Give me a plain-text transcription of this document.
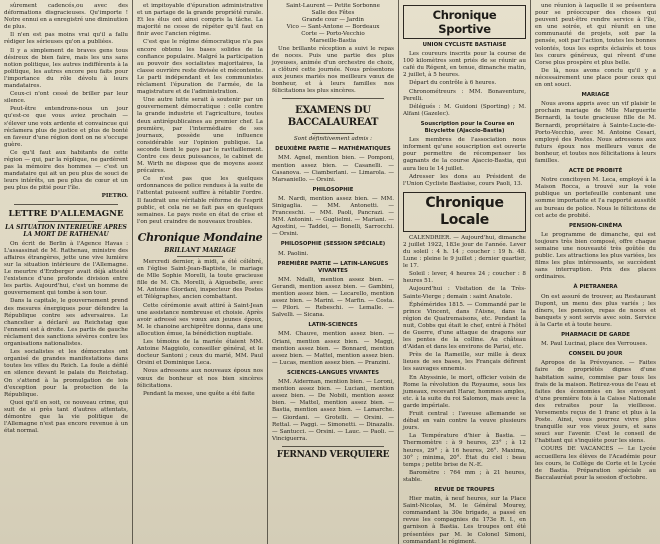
sûrement cadencés,ou avec des déformations disgracieuses. Qu'importe ! Notre ennui en a enregistré une diminution de plus.

Il n'en est pas moins vrai qu'il a fallu rédiger les sérieuses qu'on a publiées.

Il y a simplement de braves gens tous désireux de bien faire, mais les uns sans notion politique, les autres indifférents à la politique, les autres encore peu faits pour l'importance du rôle dévolu à leurs mandataires.

Ceux-ci n'ont cessé de briller par leur silence.

Peut-être entendrons-nous un jour qu'est-ce que vous aviez prochain — s'élever une voix ardente et convaincue qui réclamera plus de justice et plus de bonté en faveur d'une région dont on ne s'occupe guère.

Ce qu'il faut aux habitants de cette région — qui, par la réplique, ne gardèrent pas la mémoire des hommes — c'est un mandataire qui ait un peu plus de souci de leurs intérêts, un peu plus de cœur et un peu plus de pitié pour l'île.

PIETRO.

LETTRE D'ALLEMAGNE
LA SITUATION INTERIEURE APRES LA MORT DE RATHENAU

On écrit de Berlin à l'Agence Havas : L'assassinat de M. Rathenau, ministre des affaires étrangères, jette une vive lumière sur la situation intérieure de l'Allemagne. Le meurtre d'Erzberger avait déjà attesté l'existence d'une profonde division entre les partis. Aujourd'hui, c'est un homme de gouvernement qui tombe à son tour.

Dans la capitale, le gouvernement prend des mesures énergiques pour défendre la République contre ses adversaires. Le chancelier a déclaré au Reichstag que l'ennemi est à droite. Les partis de gauche réclament des sanctions sévères contre les organisations nationalistes.

Les socialistes et les démocrates ont organisé de grandes manifestations dans toutes les villes du Reich. La foule a défilé en silence devant le palais du Reichstag. On s'attend à la promulgation de lois d'exception pour la protection de la République.

Quoi qu'il en soit, ce nouveau crime, qui suit de si près tant d'autres attentats, démontre que la vie politique de l'Allemagne n'est pas encore revenue à un état normal.

et impitoyable d'épuration administrative et un partage de la grande propriété rurale. Et les élus ont ainsi compris la tâche. La majorité ne cesse de répéter qu'il faut en finir avec l'ancien régime.

C'est que le régime démocratique n'a pas encore obtenu les bases solides de la confiance populaire. Malgré la participation au pouvoir des socialistes majoritaires, la classe ouvrière reste divisée et mécontente. Le parti indépendant et les communistes réclament l'épuration de l'armée, de la magistrature et de l'administration.

Une autre lutte serait à soutenir par un gouvernement démocratique : celle contre la grande industrie et l'agriculture, toutes deux antirépublicaines au premier chef. La première, par l'intermédiaire de ses journaux, possède une influence considérable sur l'opinion publique. La seconde tient le pays par le ravitaillement. Contre ces deux puissances, le cabinet de M. Wirth ne dispose que de moyens assez précaires.

Ce n'est pas que les quelques ordonnances de police rendues à la suite de l'attentat puissent suffire à rétablir l'ordre. Il faudrait une véritable réforme de l'esprit public, et cela ne se fait pas en quelques semaines. Le pays reste en état de crise et l'on peut craindre de nouveaux troubles.

Chronique Mondaine
BRILLANT MARIAGE

Mercredi dernier, à midi, a été célébré, en l'église Saint-Jean-Baptiste, le mariage de Mlle Sophie Morelli, la toute gracieuse fille de M. Ch. Morelli, à Aiguebelle, avec M. Antoine Giordani, inspecteur des Postes et Télégraphes, ancien combattant.

Cette cérémonie avait attiré à Saint-Jean une assistance nombreuse et choisie. Après avoir adressé ses vœux aux jeunes époux, M. le chanoine archiprêtre donna, dans une allocution émue, la bénédiction nuptiale.

Les témoins de la mariée étaient MM. Antoine Maggiolo, conseiller général, et le docteur Santoni ; ceux du marié, MM. Paul Orsini et Dominique Leca.

Nous adressons aux nouveaux époux nos vœux de bonheur et nos bien sincères félicitations.

Pendant la messe, une quête a été faite

Saint-Laurent — Petite Sorbonne
Salle des Fêtes
Grande cour — Jardin
Vico — Sant-Antone — Bordeaux
Corte — Porto-Vecchio
Marseille-Bastia

Une brillante réception a suivi le repas de noces. Puis une partie des plus joyeuses, animée d'un orchestre de choix, a clôturé cette journée. Nous présentons aux jeunes mariés nos meilleurs vœux de bonheur, et à leurs familles nos félicitations les plus sincères.

EXAMENS DU BACCALAUREAT
Sont définitivement admis :
DEUXIÈME PARTIE — MATHÉMATIQUES

MM. Agnel, mention bien. — Pomponi, mention assez bien. — Casanelli. — Casanova. — Ciamberlani. — Limarola. — Marsaniello. — Orsini.

PHILOSOPHIE

M. Nardi, mention assez bien. — MM. Sinigaglia. — MM. Antonetti. — Franceschi. — MM. Paoli, Pancrazi. — MM. Antonini. — Guglielmi. — Mariani. — Agostini, — Taddei, — Bonelli, Sarrocchi. — Orsini.

PHILOSOPHIE (SESSION SPÉCIALE)

M. Paolini.

PREMIÈRE PARTIE — LATIN-LANGUES VIVANTES

MM. Ndalli, mention assez bien. — Gerandi, mention assez bien. — Gambini, mention assez bien. — Lecarello, mention assez bien. — Marini. — Marfin. — Costa. — Pilori. — Rebeschi. — Lemalle. — Salvelli. — Sicana.

LATIN-SCIENCES

MM. Chauve, mention assez bien. — Oriani, mention assez bien. — Maggi, mention assez bien. — Bonnard, mention assez bien. — Mattel, mention assez bien. — Lucas, mention assez bien. — Pranzini.

SCIENCES-LANGUES VIVANTES

MM. Aiderman, mention bien. — Loroni, mention assez bien. — Luciani, mention assez bien. — De Nobili, mention assez bien. — Mattel, mention assez bien. — Bastia, mention assez bien. — Lamarche. — Giordani. — Grotelli. — Orsini. — Rettal. — Paggi. — Simonetti. — Dinazalis. — Santucci. — Orsini. — Lauc. — Paoli. — Vinciguerra.

FERNAND VERQUIERE
Chronique Sportive
UNION CYCLISTE BASTIAISE

Les coureurs inscrits pour la course de 100 kilomètres sont priés de se réunir au café du Régent, en tenue, dimanche matin, 2 juillet, à 5 heures.

Départ du contrôle à 6 heures.

Chronométreurs : MM. Bonaventure, Perelli.

Délégués : M. Guidoni (Sporting) ; M. Alfani (Gazelec).

Souscription pour la Course en Bicyclette (Ajaccio-Bastia)

Les membres de l'association nous informent qu'une souscription est ouverte pour permettre de récompenser les gagnants de la course Ajaccio-Bastia, qui aura lieu le 14 juillet.

Adresser les dons au Président de l'Union Cycliste Bastiaise, cours Paoli, 13.

Chronique Locale

CALENDRIER. — Aujourd'hui, dimanche 2 juillet 1922, 183e jour de l'année. Lever du soleil : 4 h. 14 ; coucher : 19 h. 48. Lune : pleine le 9 juillet ; dernier quartier, le 17.

Soleil : lever, 4 heures 24 ; coucher : 8 heures 51.

Aujourd'hui : Visitation de la Très-Sainte-Vierge ; demain : saint Anatole.

Éphémérides 1815. — Commandé par le prince Vincent, dans l'Aisne, dans la région de Quatremaisons, etc. Pendant la nuit, Cobbs qui était le chef, entré à l'hôtel de Guerre, d'une attaque de dragons sur les pentes de la colline. Au château d'Aidan et dans les environs de Parisi, etc.

Près de la Rameille, sur mille à deux lieues de ses bases, les Français défirent les sauvages ennemis.

En Abyssinie, le mort, officier voisin de Rome la révolution du Royaume, sous les jumeaux, recevant Harar, hommes amples, etc. à la suite du roi Salomon, mais avec la garde impériale.

Fruit central : l'aveuse allemande se débat en vain contre la veuve plusieurs jours.

La Température d'hier à Bastia. — Thermomètre : à 9 heures, 23° ; à 12 heures, 29° ; à 16 heures, 26°. Maxima, 30° ; minima, 20°. État du ciel : beau temps ; petite brise de N.-E.

Baromètre : 764 mm ; à 21 heures, stable.

REVUE DE TROUPES

Hier matin, à neuf heures, sur la Place Saint-Nicolas, M. le Général Mourey, commandant la 30e brigade, a passé en revue les compagnies du 173e R. I., en garnison à Bastia. Les troupes ont été présentées par M. le Colonel Simoni, commandant le régiment.

une réunion à laquelle il se présentera pour se préoccuper des choses qui peuvent peut-être rendre service à l'île, en une soirée, et qui réunit en une communauté de projets, soit par la pensée, soit par l'action, toutes les bonnes volontés, tous les esprits éclairés et tous les cœurs généreux, qui rêvent d'une Corse plus prospère et plus belle.

De là, nous avons conclu qu'il y a nécessairement une place pour ceux qui en ont souci.

MARIAGE

Nous avons appris avec un vif plaisir le prochain mariage de Mlle Marguerite Bernardi, la toute gracieuse fille de M. Bernardi, propriétaire à Sainte-Lucie-de-Porto-Vecchio, avec M. Antoine Cesari, employé des Postes. Nous adressons aux futurs époux nos meilleurs vœux de bonheur, et toutes nos félicitations à leurs familles.

ACTE DE PROBITÉ

Notre concitoyen M. Leca, employé à la Maison Rocca, a trouvé sur la voie publique un portefeuille contenant une somme importante et l'a rapporté aussitôt au bureau de police. Nous le félicitons de cet acte de probité.

PENSION-CINÉMA

Le programme de dimanche, qui est toujours très bien composé, offre chaque semaine une nouveauté très goûtée du public. Les attractions les plus variées, les films les plus intéressants, se succèdent sans interruption. Prix des places ordinaires.

À PIETRANERA

On est assuré de trouver, au Restaurant Dupont, un menu des plus variés ; les dîners, les pension, repas de noces et banquets y sont servis avec soin. Service à la Carte et à toute heure.

PHARMACIE DE GARDE

M. Paul Lucinai, place des Verrouses.

CONSEIL DU JOUR

Apropos de la Prévoyance. — Faites faire de propriétés dignes d'une habitation saine, commise par tous les frais de la maison. Retirez-vous de l'eau et faites des économies en les envoyant d'une première fois à la Caisse Nationale des retraites pour la vieillesse. Versements reçus de 1 franc et plus à la Poste. Ainsi, vous pourrez vivre plus tranquille sur vos vieux jours, et sans souci sur l'avenir. C'est le conseil de l'habitant qui s'inquiète pour les siens.

COURS DE VACANCES — Le Lycée accueillera les élèves de l'Académie pour les cours, le Collège de Corte et le Lycée de Bastia. Préparation spéciale au Baccalauréat pour la session d'octobre.
